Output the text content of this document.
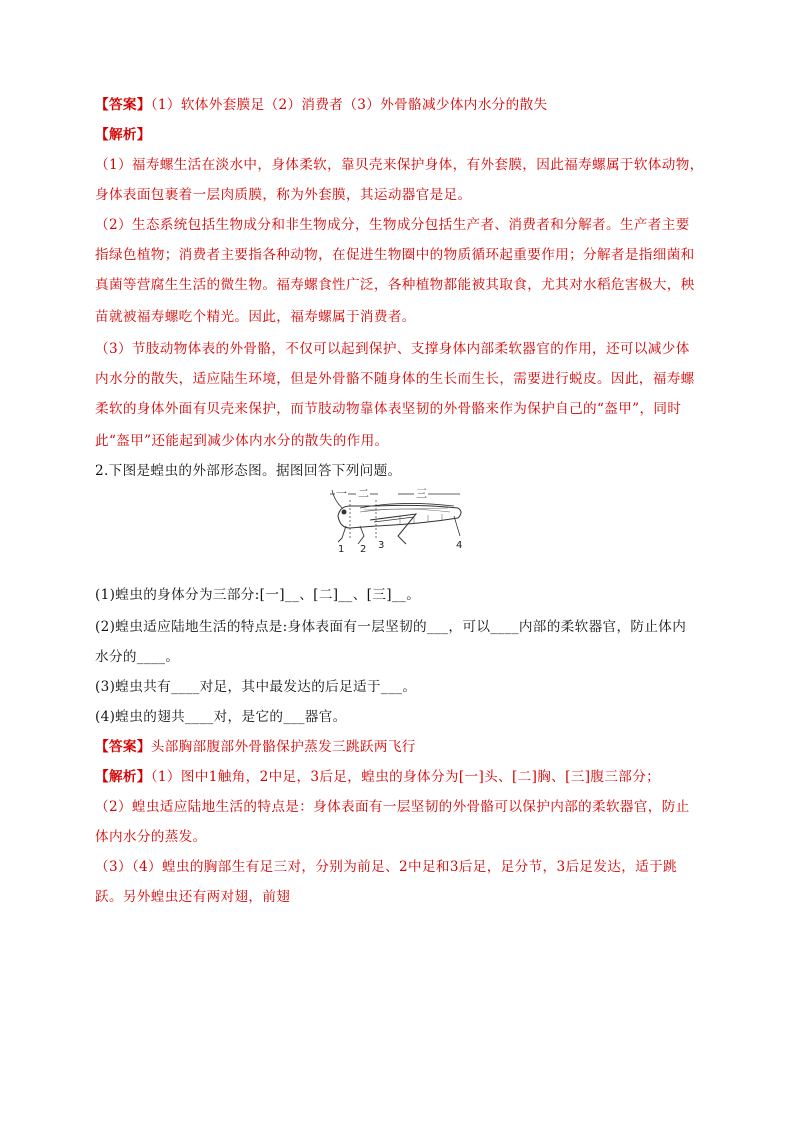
【答案】（1）软体外套膜足（2）消费者（3）外骨骼减少体内水分的散失
【解析】
（1）福寿螺生活在淡水中，身体柔软，靠贝壳来保护身体，有外套膜，因此福寿螺属于软体动物，
身体表面包裹着一层肉质膜，称为外套膜，其运动器官是足。
（2）生态系统包括生物成分和非生物成分，生物成分包括生产者、消费者和分解者。生产者主要
指绿色植物；消费者主要指各种动物，在促进生物圈中的物质循环起重要作用；分解者是指细菌和
真菌等营腐生生活的微生物。福寿螺食性广泛，各种植物都能被其取食，尤其对水稻危害极大，秧
苗就被福寿螺吃个精光。因此，福寿螺属于消费者。
（3）节肢动物体表的外骨骼，不仅可以起到保护、支撑身体内部柔软器官的作用，还可以减少体
内水分的散失，适应陆生环境，但是外骨骼不随身体的生长而生长，需要进行蜕皮。因此，福寿螺
柔软的身体外面有贝壳来保护，而节肢动物靠体表坚韧的外骨骼来作为保护自己的“盔甲”，同时
此“盔甲”还能起到减少体内水分的散失的作用。
2.下图是蝗虫的外部形态图。据图回答下列问题。
一 二	三
1 2 3	4
(1)蝗虫的身体分为三部分:[一]__、[二]__、[三]__。
(2)蝗虫适应陆地生活的特点是:身体表面有一层坚韧的___，可以____内部的柔软器官，防止体内
水分的____。
(3)蝗虫共有____对足，其中最发达的后足适于___。
(4)蝗虫的翅共____对，是它的___器官。
【答案】头部胸部腹部外骨骼保护蒸发三跳跃两飞行
【解析】（1）图中1触角，2中足，3后足，蝗虫的身体分为[一]头、[二]胸、[三]腹三部分；
（2）蝗虫适应陆地生活的特点是：身体表面有一层坚韧的外骨骼可以保护内部的柔软器官，防止
体内水分的蒸发。
（3）（4）蝗虫的胸部生有足三对，分别为前足、2中足和3后足，足分节，3后足发达，适于跳
跃。另外蝗虫还有两对翅，前翅
